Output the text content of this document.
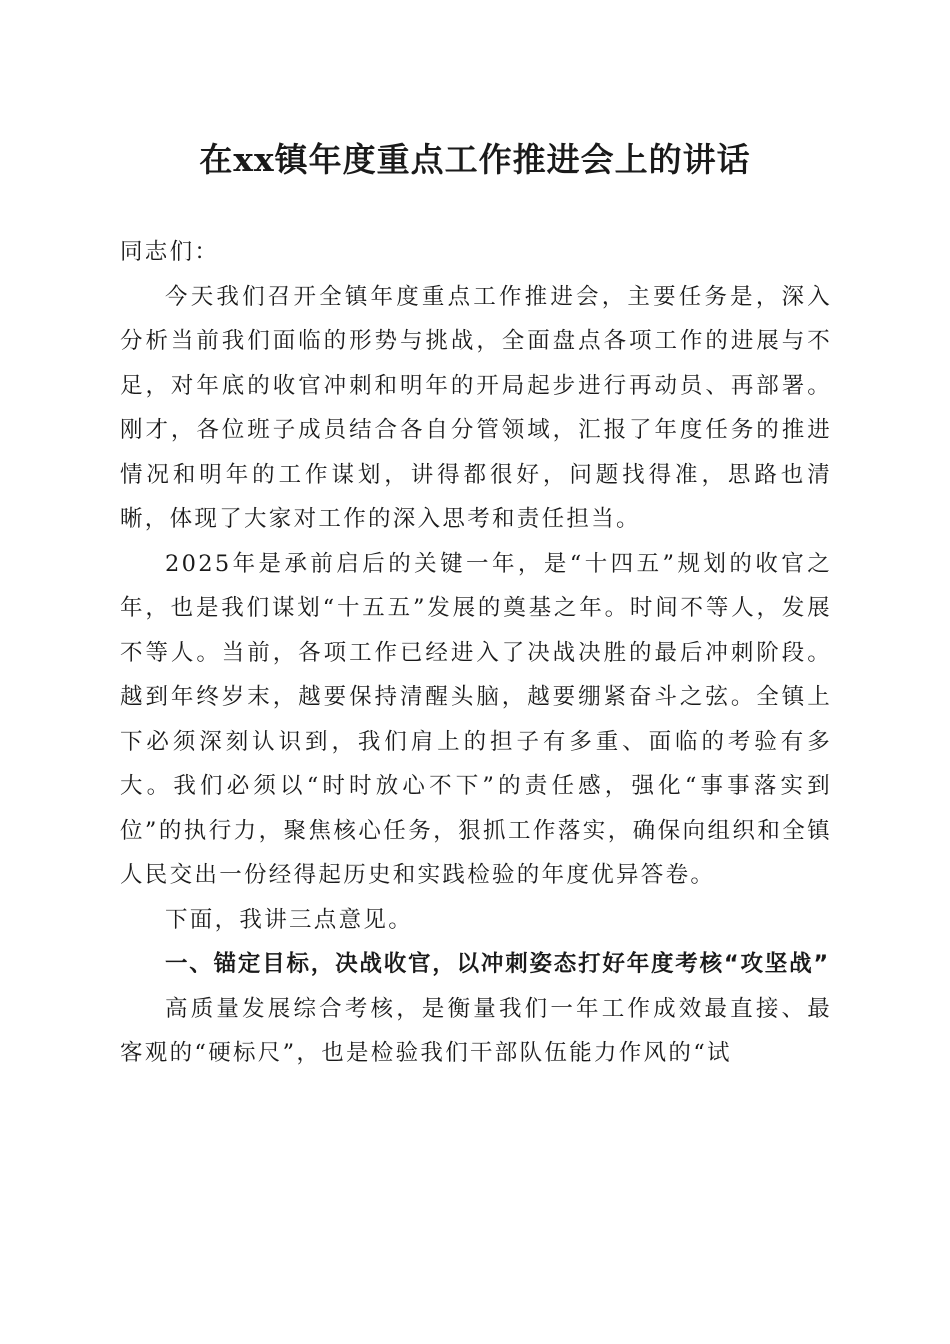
在xx镇年度重点工作推进会上的讲话

同志们：

今天我们召开全镇年度重点工作推进会，主要任务是，深入分析当前我们面临的形势与挑战，全面盘点各项工作的进展与不足，对年底的收官冲刺和明年的开局起步进行再动员、再部署。刚才，各位班子成员结合各自分管领域，汇报了年度任务的推进情况和明年的工作谋划，讲得都很好，问题找得准，思路也清晰，体现了大家对工作的深入思考和责任担当。

2025年是承前启后的关键一年，是“十四五”规划的收官之年，也是我们谋划“十五五”发展的奠基之年。时间不等人，发展不等人。当前，各项工作已经进入了决战决胜的最后冲刺阶段。越到年终岁末，越要保持清醒头脑，越要绷紧奋斗之弦。全镇上下必须深刻认识到，我们肩上的担子有多重、面临的考验有多大。我们必须以“时时放心不下”的责任感，强化“事事落实到位”的执行力，聚焦核心任务，狠抓工作落实，确保向组织和全镇人民交出一份经得起历史和实践检验的年度优异答卷。

下面，我讲三点意见。

一、锚定目标，决战收官，以冲刺姿态打好年度考核“攻坚战”

高质量发展综合考核，是衡量我们一年工作成效最直接、最客观的“硬标尺”，也是检验我们干部队伍能力作风的“试
